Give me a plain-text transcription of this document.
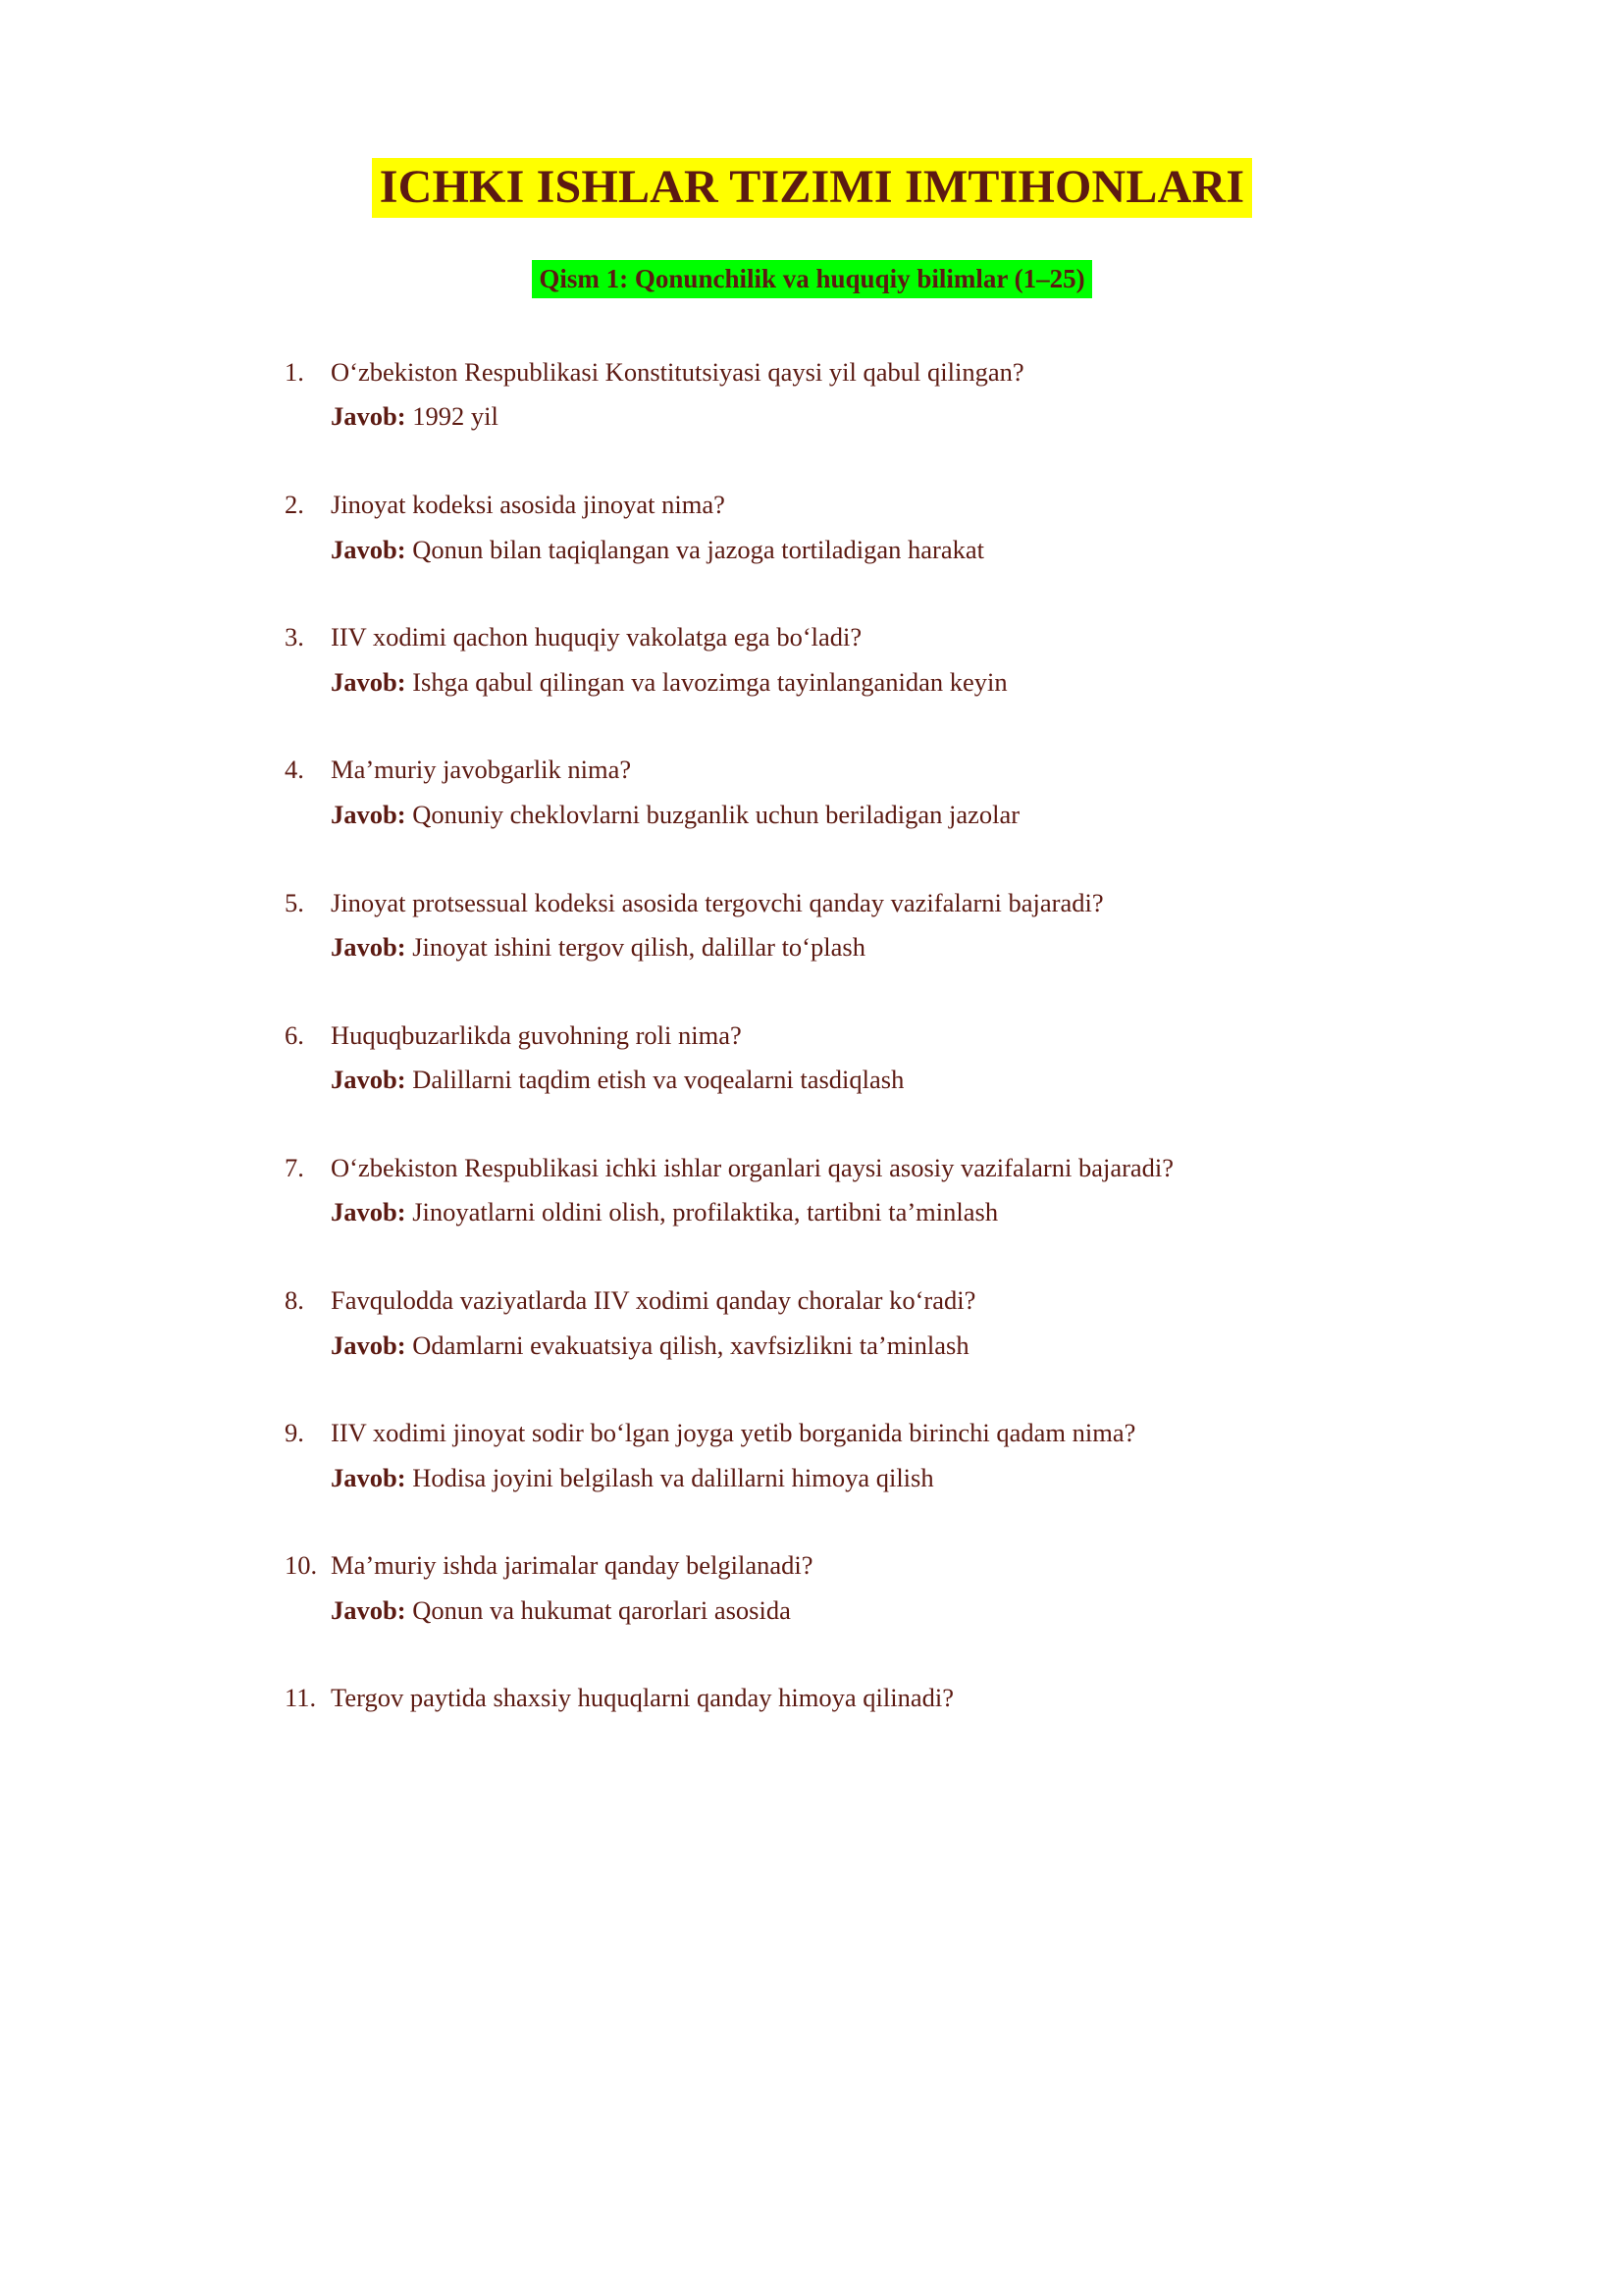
ICHKI ISHLAR TIZIMI IMTIHONLARI
Qism 1: Qonunchilik va huquqiy bilimlar (1–25)
1.	O‘zbekiston Respublikasi Konstitutsiyasi qaysi yil qabul qilingan?
Javob: 1992 yil
2.	Jinoyat kodeksi asosida jinoyat nima?
Javob: Qonun bilan taqiqlangan va jazoga tortiladigan harakat
3.	IIV xodimi qachon huquqiy vakolatga ega bo‘ladi?
Javob: Ishga qabul qilingan va lavozimga tayinlanganidan keyin
4.	Ma’muriy javobgarlik nima?
Javob: Qonuniy cheklovlarni buzganlik uchun beriladigan jazolar
5.	Jinoyat protsessual kodeksi asosida tergovchi qanday vazifalarni bajaradi?
Javob: Jinoyat ishini tergov qilish, dalillar to‘plash
6.	Huquqbuzarlikda guvohning roli nima?
Javob: Dalillarni taqdim etish va voqealarni tasdiqlash
7.	O‘zbekiston Respublikasi ichki ishlar organlari qaysi asosiy vazifalarni bajaradi?
Javob: Jinoyatlarni oldini olish, profilaktika, tartibni ta’minlash
8.	Favqulodda vaziyatlarda IIV xodimi qanday choralar ko‘radi?
Javob: Odamlarni evakuatsiya qilish, xavfsizlikni ta’minlash
9.	IIV xodimi jinoyat sodir bo‘lgan joyga yetib borganida birinchi qadam nima?
Javob: Hodisa joyini belgilash va dalillarni himoya qilish
10. Ma’muriy ishda jarimalar qanday belgilanadi?
Javob: Qonun va hukumat qarorlari asosida
11. Tergov paytida shaxsiy huquqlarni qanday himoya qilinadi?
